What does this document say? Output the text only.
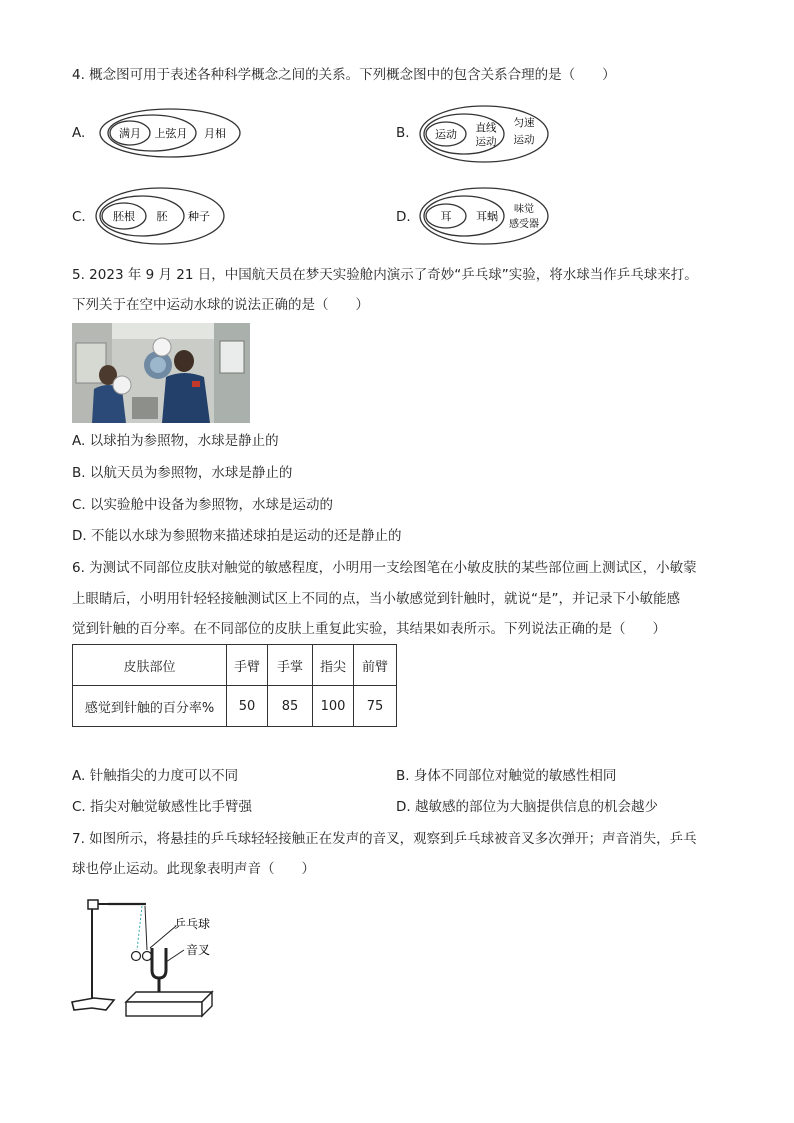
4. 概念图可用于表述各种科学概念之间的关系。下列概念图中的包含关系合理的是（　　）
A.	满月 上弦月 月相	B. 运动 直线
运动
匀速
运动
C. 胚根 胚 种子	D.	耳 耳蜗
味觉
感受器
5. 2023 年 9 月 21 日，中国航天员在梦天实验舱内演示了奇妙“乒乓球”实验，将水球当作乒乓球来打。
下列关于在空中运动水球的说法正确的是（　　）
A. 以球拍为参照物，水球是静止的
B. 以航天员为参照物，水球是静止的
C. 以实验舱中设备为参照物，水球是运动的
D. 不能以水球为参照物来描述球拍是运动的还是静止的
6. 为测试不同部位皮肤对触觉的敏感程度，小明用一支绘图笔在小敏皮肤的某些部位画上测试区，小敏蒙
上眼睛后，小明用针轻轻接触测试区上不同的点，当小敏感觉到针触时，就说“是”，并记录下小敏能感
觉到针触的百分率。在不同部位的皮肤上重复此实验，其结果如表所示。下列说法正确的是（　　）
皮肤部位	手臂	手掌	指尖	前臂
感觉到针触的百分率%	50	85	100	75
A. 针触指尖的力度可以不同	B. 身体不同部位对触觉的敏感性相同
C. 指尖对触觉敏感性比手臂强	D. 越敏感的部位为大脑提供信息的机会越少
7. 如图所示，将悬挂的乒乓球轻轻接触正在发声的音叉，观察到乒乓球被音叉多次弹开；声音消失，乒乓
球也停止运动。此现象表明声音（　　）
乒乓球
音叉
